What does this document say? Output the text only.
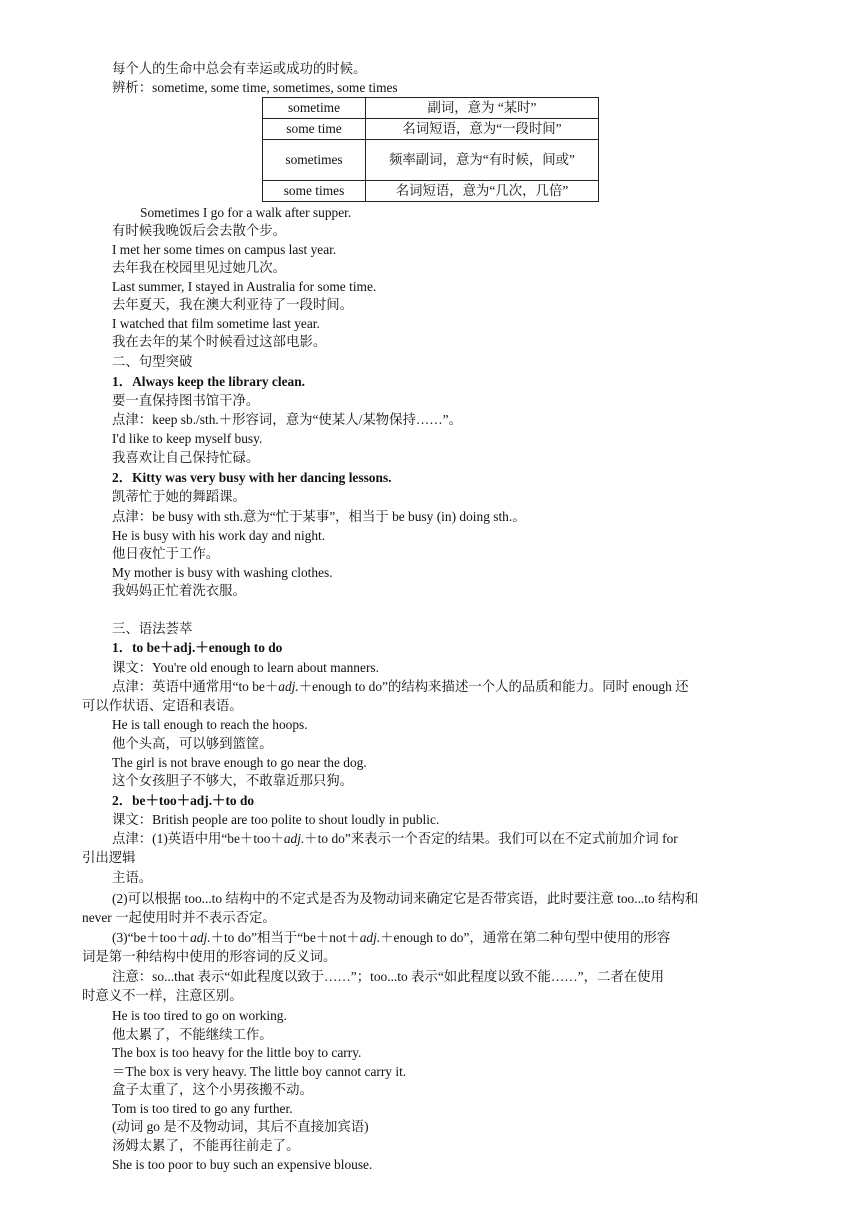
每个人的生命中总会有幸运或成功的时候。
辨析：sometime, some time, sometimes, some times
sometime	副词，意为 “某时”
some time	名词短语，意为“一段时间”
sometimes	频率副词，意为“有时候，间或”
some times	名词短语，意为“几次，几倍”
Sometimes I go for a walk after supper.
有时候我晚饭后会去散个步。
I met her some times on campus last year.
去年我在校园里见过她几次。
Last summer, I stayed in Australia for some time.
去年夏天，我在澳大利亚待了一段时间。
I watched that film sometime last year.
我在去年的某个时候看过这部电影。
二、句型突破
1．Always keep the library clean.
要一直保持图书馆干净。
点津：keep sb./sth.＋形容词，意为“使某人/某物保持……”。
I'd like to keep myself busy.
我喜欢让自己保持忙碌。
2．Kitty was very busy with her dancing lessons.
凯蒂忙于她的舞蹈课。
点津：be busy with sth.意为“忙于某事”，相当于 be busy (in) doing sth.。
He is busy with his work day and night.
他日夜忙于工作。
My mother is busy with washing clothes.
我妈妈正忙着洗衣服。
三、语法荟萃
1．to be＋adj.＋enough to do
课文：You're old enough to learn about manners.
点津：英语中通常用“to be＋adj.＋enough to do”的结构来描述一个人的品质和能力。同时 enough 还
可以作状语、定语和表语。
He is tall enough to reach the hoops.
他个头高，可以够到篮筐。
The girl is not brave enough to go near the dog.
这个女孩胆子不够大，不敢靠近那只狗。
2．be＋too＋adj.＋to do
课文：British people are too polite to shout loudly in public.
点津：(1)英语中用“be＋too＋adj.＋to do”来表示一个否定的结果。我们可以在不定式前加介词 for
引出逻辑
主语。
(2)可以根据 too...to 结构中的不定式是否为及物动词来确定它是否带宾语，此时要注意 too...to 结构和
never 一起使用时并不表示否定。
(3)“be＋too＋adj.＋to do”相当于“be＋not＋adj.＋enough to do”，通常在第二种句型中使用的形容
词是第一种结构中使用的形容词的反义词。
注意：so...that 表示“如此程度以致于……”；too...to 表示“如此程度以致不能……”，二者在使用
时意义不一样，注意区别。
He is too tired to go on working.
他太累了，不能继续工作。
The box is too heavy for the little boy to carry.
＝The box is very heavy. The little boy cannot carry it.
盒子太重了，这个小男孩搬不动。
Tom is too tired to go any further.
(动词 go 是不及物动词，其后不直接加宾语)
汤姆太累了，不能再往前走了。
She is too poor to buy such an expensive blouse.
